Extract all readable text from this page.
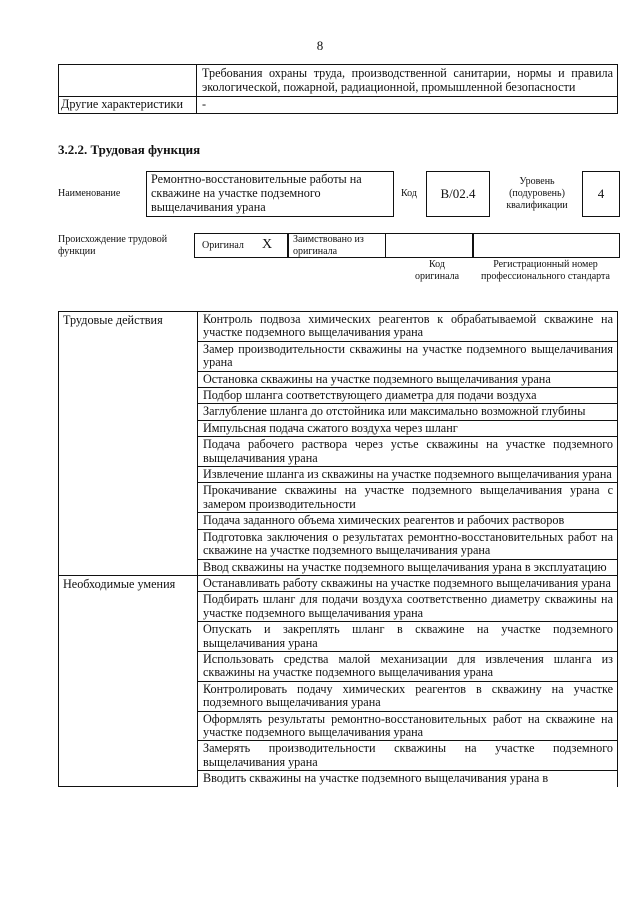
8
	Требования охраны труда, производственной санитарии, нормы и правила экологической, пожарной, радиационной, промышленной безопасности
Другие характеристики	-
3.2.2. Трудовая функция
Наименование
Ремонтно-восстановительные работы на скважине на участке подземного выщелачивания урана
Код	B/02.4
Уровень (подуровень) квалификации
4
Происхождение трудовой функции
Оригинал X	Заимствовано из оригинала
Код оригинала
Регистрационный номер профессионального стандарта
Трудовые действия	Контроль подвоза химических реагентов к обрабатываемой скважине на участке подземного выщелачивания урана
	Замер производительности скважины на участке подземного выщелачивания урана
	Остановка скважины на участке подземного выщелачивания урана
	Подбор шланга соответствующего диаметра для подачи воздуха
	Заглубление шланга до отстойника или максимально возможной глубины
	Импульсная подача сжатого воздуха через шланг
	Подача рабочего раствора через устье скважины на участке подземного выщелачивания урана
	Извлечение шланга из скважины на участке подземного выщелачивания урана
	Прокачивание скважины на участке подземного выщелачивания урана с замером производительности
	Подача заданного объема химических реагентов и рабочих растворов
	Подготовка заключения о результатах ремонтно-восстановительных работ на скважине на участке подземного выщелачивания урана
	Ввод скважины на участке подземного выщелачивания урана в эксплуатацию
Необходимые умения	Останавливать работу скважины на участке подземного выщелачивания урана
	Подбирать шланг для подачи воздуха соответственно диаметру скважины на участке подземного выщелачивания урана
	Опускать и закреплять шланг в скважине на участке подземного выщелачивания урана
	Использовать средства малой механизации для извлечения шланга из скважины на участке подземного выщелачивания урана
	Контролировать подачу химических реагентов в скважину на участке подземного выщелачивания урана
	Оформлять результаты ремонтно-восстановительных работ на скважине на участке подземного выщелачивания урана
	Замерять производительности скважины на участке подземного выщелачивания урана
	Вводить скважины на участке подземного выщелачивания урана в
